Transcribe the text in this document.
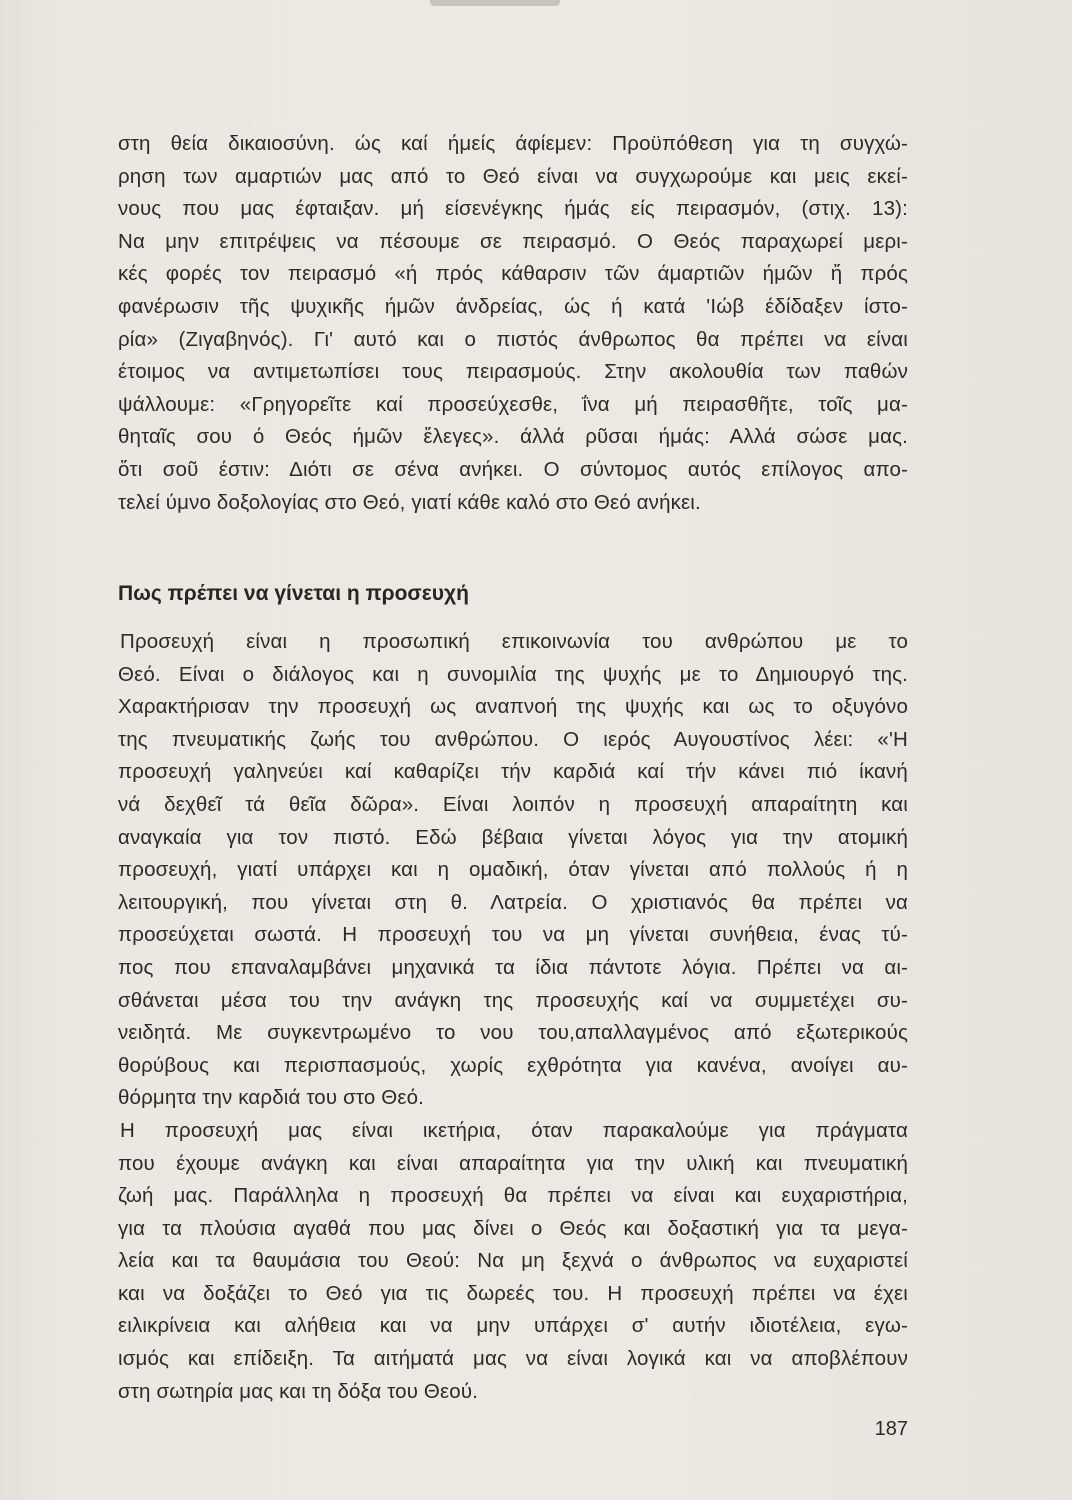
στη θεία δικαιοσύνη. ώς καί ήμείς άφίεμεν: Προϋπόθεση για τη συγχώ-
ρηση των αμαρτιών μας από το Θεό είναι να συγχωρούμε και μεις εκεί-
νους που μας έφταιξαν. μή είσενέγκης ήμάς είς πειρασμόν, (στιχ. 13):
Να μην επιτρέψεις να πέσουμε σε πειρασμό. Ο Θεός παραχωρεί μερι-
κές φορές τον πειρασμό «ή πρός κάθαρσιν τῶν άμαρτιῶν ήμῶν ἤ πρός
φανέρωσιν τῆς ψυχικῆς ήμῶν άνδρείας, ώς ή κατά 'Ιώβ έδίδαξεν ίστο-
ρία» (Ζιγαβηνός). Γι' αυτό και ο πιστός άνθρωπος θα πρέπει να είναι
έτοιμος να αντιμετωπίσει τους πειρασμούς. Στην ακολουθία των παθών
ψάλλουμε: «Γρηγορεῖτε καί προσεύχεσθε, ΐνα μή πειρασθῆτε, τοῖς μα-
θηταῖς σου ό Θεός ήμῶν ἔλεγες». άλλά ρῦσαι ήμάς: Αλλά σώσε μας.
ὅτι σοῦ έστιν: Διότι σε σένα ανήκει. Ο σύντομος αυτός επίλογος απο-
τελεί ύμνο δοξολογίας στο Θεό, γιατί κάθε καλό στο Θεό ανήκει.
Πως πρέπει να γίνεται η προσευχή
Προσευχή είναι η προσωπική επικοινωνία του ανθρώπου με το
Θεό. Είναι ο διάλογος και η συνομιλία της ψυχής με το Δημιουργό της.
Χαρακτήρισαν την προσευχή ως αναπνοή της ψυχής και ως το οξυγόνο
της πνευματικής ζωής του ανθρώπου. Ο ιερός Αυγουστίνος λέει: «'Η
προσευχή γαληνεύει καί καθαρίζει τήν καρδιά καί τήν κάνει πιό ίκανή
νά δεχθεῖ τά θεῖα δῶρα». Είναι λοιπόν η προσευχή απαραίτητη και
αναγκαία για τον πιστό. Εδώ βέβαια γίνεται λόγος για την ατομική
προσευχή, γιατί υπάρχει και η ομαδική, όταν γίνεται από πολλούς ή η
λειτουργική, που γίνεται στη θ. Λατρεία. Ο χριστιανός θα πρέπει να
προσεύχεται σωστά. Η προσευχή του να μη γίνεται συνήθεια, ένας τύ-
πος που επαναλαμβάνει μηχανικά τα ίδια πάντοτε λόγια. Πρέπει να αι-
σθάνεται μέσα του την ανάγκη της προσευχής καί να συμμετέχει συ-
νειδητά. Με συγκεντρωμένο το νου του,απαλλαγμένος από εξωτερικούς
θορύβους και περισπασμούς, χωρίς εχθρότητα για κανένα, ανοίγει αυ-
θόρμητα την καρδιά του στο Θεό.
Η προσευχή μας είναι ικετήρια, όταν παρακαλούμε για πράγματα
που έχουμε ανάγκη και είναι απαραίτητα για την υλική και πνευματική
ζωή μας. Παράλληλα η προσευχή θα πρέπει να είναι και ευχαριστήρια,
για τα πλούσια αγαθά που μας δίνει ο Θεός και δοξαστική για τα μεγα-
λεία και τα θαυμάσια του Θεού: Να μη ξεχνά ο άνθρωπος να ευχαριστεί
και να δοξάζει το Θεό για τις δωρεές του. Η προσευχή πρέπει να έχει
ειλικρίνεια και αλήθεια και να μην υπάρχει σ' αυτήν ιδιοτέλεια, εγω-
ισμός και επίδειξη. Τα αιτήματά μας να είναι λογικά και να αποβλέπουν
στη σωτηρία μας και τη δόξα του Θεού.
187
